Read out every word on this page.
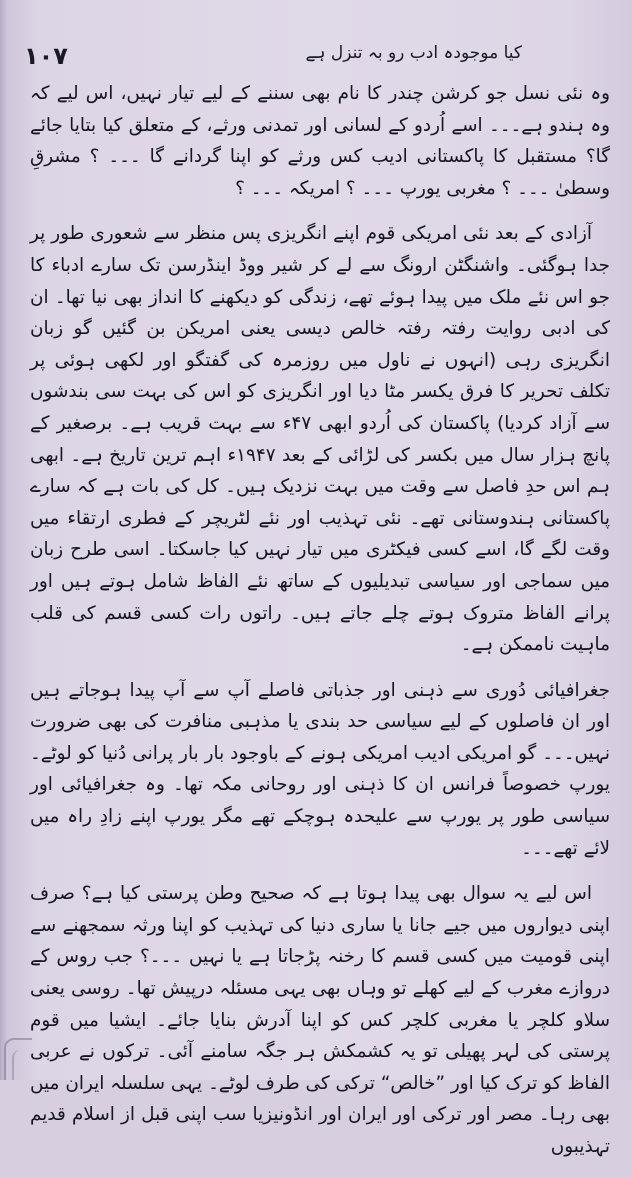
۱۰۷	کیا موجودہ ادب رو بہ تنزل ہے

وہ نئی نسل جو کرشن چندر کا نام بھی سننے کے لیے تیار نہیں، اس لیے کہ وہ ہندو ہے۔۔۔ اسے اُردو کے لسانی اور تمدنی ورثے، کے متعلق کیا بتایا جائے گا؟ مستقبل کا پاکستانی ادیب کس ورثے کو اپنا گردانے گا ۔۔۔ ؟ مشرقِ وسطیٰ ۔۔۔ ؟ مغربی یورپ ۔۔۔ ؟ امریکہ ۔۔۔ ؟

آزادی کے بعد نئی امریکی قوم اپنے انگریزی پس منظر سے شعوری طور پر جدا ہوگئی۔ واشنگٹن ارونگ سے لے کر شیر ووڈ اینڈرسن تک سارے ادباء کا جو اس نئے ملک میں پیدا ہوئے تھے، زندگی کو دیکھنے کا انداز بھی نیا تھا۔ ان کی ادبی روایت رفتہ رفتہ خالص دیسی یعنی امریکن بن گئیں گو زبان انگریزی رہی (انہوں نے ناول میں روزمرہ کی گفتگو اور لکھی ہوئی پر تکلف تحریر کا فرق یکسر مٹا دیا اور انگریزی کو اس کی بہت سی بندشوں سے آزاد کردیا) پاکستان کی اُردو ابھی ۴۷ء سے بہت قریب ہے۔ برصغیر کے پانچ ہزار سال میں بکسر کی لڑائی کے بعد ۱۹۴۷ء اہم ترین تاریخ ہے۔ ابھی ہم اس حدِ فاصل سے وقت میں بہت نزدیک ہیں۔ کل کی بات ہے کہ سارے پاکستانی ہندوستانی تھے۔ نئی تہذیب اور نئے لٹریچر کے فطری ارتقاء میں وقت لگے گا، اسے کسی فیکٹری میں تیار نہیں کیا جاسکتا۔ اسی طرح زبان میں سماجی اور سیاسی تبدیلیوں کے ساتھ نئے الفاظ شامل ہوتے ہیں اور پرانے الفاظ متروک ہوتے چلے جاتے ہیں۔ راتوں رات کسی قسم کی قلب ماہیت ناممکن ہے۔

جغرافیائی دُوری سے ذہنی اور جذباتی فاصلے آپ سے آپ پیدا ہوجاتے ہیں اور ان فاصلوں کے لیے سیاسی حد بندی یا مذہبی منافرت کی بھی ضرورت نہیں۔۔۔ گو امریکی ادیب امریکی ہونے کے باوجود بار بار پرانی دُنیا کو لوٹے۔ یورپ خصوصاً فرانس ان کا ذہنی اور روحانی مکہ تھا۔ وہ جغرافیائی اور سیاسی طور پر یورپ سے علیحدہ ہوچکے تھے مگر یورپ اپنے زادِ راہ میں لائے تھے۔۔۔

اس لیے یہ سوال بھی پیدا ہوتا ہے کہ صحیح وطن پرستی کیا ہے؟ صرف اپنی دیواروں میں جیے جانا یا ساری دنیا کی تہذیب کو اپنا ورثہ سمجھنے سے اپنی قومیت میں کسی قسم کا رخنہ پڑجاتا ہے یا نہیں ۔۔۔؟ جب روس کے دروازے مغرب کے لیے کھلے تو وہاں بھی یہی مسئلہ درپیش تھا۔ روسی یعنی سلاو کلچر یا مغربی کلچر کس کو اپنا آدرش بنایا جائے۔ ایشیا میں قوم پرستی کی لہر پھیلی تو یہ کشمکش ہر جگہ سامنے آئی۔ ترکوں نے عربی الفاظ کو ترک کیا اور ”خالص“ ترکی کی طرف لوٹے۔ یہی سلسلہ ایران میں بھی رہا۔ مصر اور ترکی اور ایران اور انڈونیزیا سب اپنی قبل از اسلام قدیم تہذیبوں
